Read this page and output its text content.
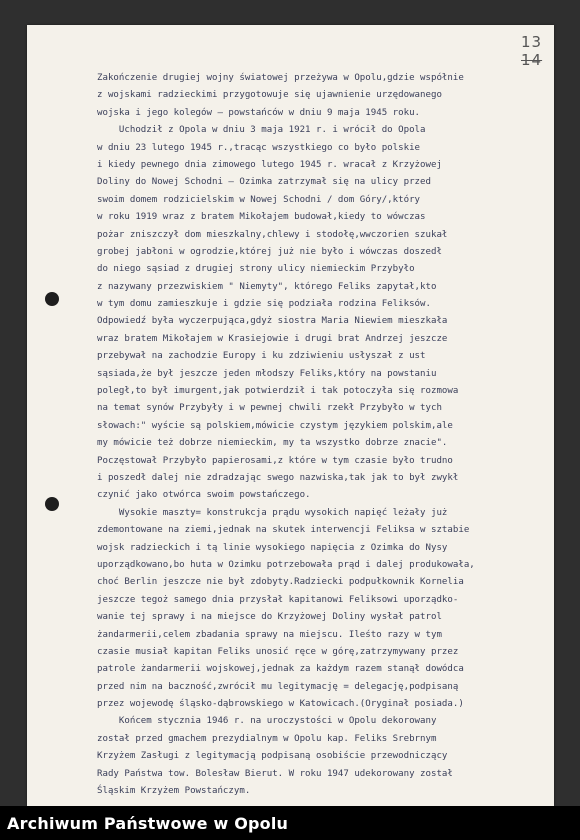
13 14
Zakończenie drugiej wojny światowej przeżywa w Opolu,gdzie współnie
z wojskami radzieckimi przygotowuje się ujawnienie urzędowanego
wojska i jego kolegów – powstańców w dniu 9 maja 1945 roku.
Uchodził z Opola w dniu 3 maja 1921 r. i wrócił do Opola
w dniu 23 lutego 1945 r.,tracąc wszystkiego co było polskie
i kiedy pewnego dnia zimowego lutego 1945 r. wracał z Krzyżowej
Doliny do Nowej Schodni – Ozimka zatrzymał się na ulicy przed
swoim domem rodzicielskim w Nowej Schodni / dom Góry/,który
w roku 1919 wraz z bratem Mikołajem budował,kiedy to wówczas
pożar zniszczył dom mieszkalny,chlewy i stodołę,wwczorien szukał
grobej jabłoni w ogrodzie,której już nie było i wówczas doszedł
do niego sąsiad z drugiej strony ulicy niemieckim Przybyło
z nazywany przezwiskiem " Niemyty", którego Feliks zapytał,kto
w tym domu zamieszkuje i gdzie się podziała rodzina Feliksów.
Odpowiedź była wyczerpująca,gdyż siostra Maria Niewiem mieszkała
wraz bratem Mikołajem w Krasiejowie i drugi brat Andrzej jeszcze
przebywał na zachodzie Europy i ku zdziwieniu usłyszał z ust
sąsiada,że był jeszcze jeden młodszy Feliks,który na powstaniu
poległ,to był imurgent,jak potwierdził i tak potoczyła się rozmowa
na temat synów Przybyły i w pewnej chwili rzekł Przybyło w tych
słowach:" wyście są polskiem,mówicie czystym językiem polskim,ale
my mówicie też dobrze niemieckim, my ta wszystko dobrze znacie".
Poczęstował Przybyło papierosami,z które w tym czasie było trudno
i poszedł dalej nie zdradzając swego nazwiska,tak jak to był zwykł
czynić jako otwórca swoim powstańczego.
Wysokie maszty= konstrukcja prądu wysokich napięć leżały już
zdemontowane na ziemi,jednak na skutek interwencji Feliksa w sztabie
wojsk radzieckich i tą linie wysokiego napięcia z Ozimka do Nysy
uporządkowano,bo huta w Ozimku potrzebowała prąd i dalej produkowała,
choć Berlin jeszcze nie był zdobyty.Radziecki podpułkownik Kornelia
jeszcze tegoż samego dnia przysłał kapitanowi Feliksowi uporządko-
wanie tej sprawy i na miejsce do Krzyżowej Doliny wysłał patrol
żandarmerii,celem zbadania sprawy na miejscu. Ileśto razy w tym
czasie musiał kapitan Feliks unosić ręce w górę,zatrzymywany przez
patrole żandarmerii wojskowej,jednak za każdym razem stanął dowódca
przed nim na baczność,zwrócił mu legitymację = delegację,podpisaną
przez wojewodę śląsko-dąbrowskiego w Katowicach.(Oryginał posiada.)
Końcem stycznia 1946 r. na uroczystości w Opolu dekorowany
został przed gmachem prezydialnym w Opolu kap. Feliks Srebrnym
Krzyżem Zasługi z legitymacją podpisaną osobiście przewodniczący
Rady Państwa tow. Bolesław Bierut. W roku 1947 udekorowany został
Śląskim Krzyżem Powstańczym.
Archiwum Państwowe w Opolu
